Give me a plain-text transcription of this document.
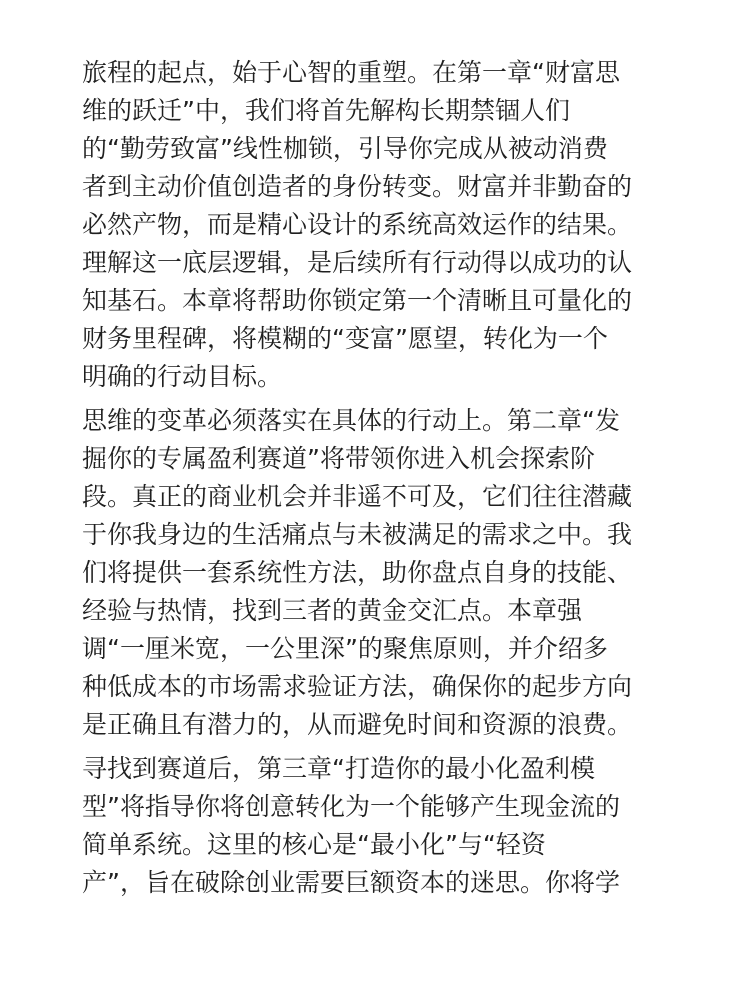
旅程的起点，始于心智的重塑。在第一章“财富思
维的跃迁”中，我们将首先解构长期禁锢人们
的“勤劳致富”线性枷锁，引导你完成从被动消费
者到主动价值创造者的身份转变。财富并非勤奋的
必然产物，而是精心设计的系统高效运作的结果。
理解这一底层逻辑，是后续所有行动得以成功的认
知基石。本章将帮助你锁定第一个清晰且可量化的
财务里程碑，将模糊的“变富”愿望，转化为一个
明确的行动目标。
思维的变革必须落实在具体的行动上。第二章“发
掘你的专属盈利赛道”将带领你进入机会探索阶
段。真正的商业机会并非遥不可及，它们往往潜藏
于你我身边的生活痛点与未被满足的需求之中。我
们将提供一套系统性方法，助你盘点自身的技能、
经验与热情，找到三者的黄金交汇点。本章强
调“一厘米宽，一公里深”的聚焦原则，并介绍多
种低成本的市场需求验证方法，确保你的起步方向
是正确且有潜力的，从而避免时间和资源的浪费。
寻找到赛道后，第三章“打造你的最小化盈利模
型”将指导你将创意转化为一个能够产生现金流的
简单系统。这里的核心是“最小化”与“轻资
产”，旨在破除创业需要巨额资本的迷思。你将学
